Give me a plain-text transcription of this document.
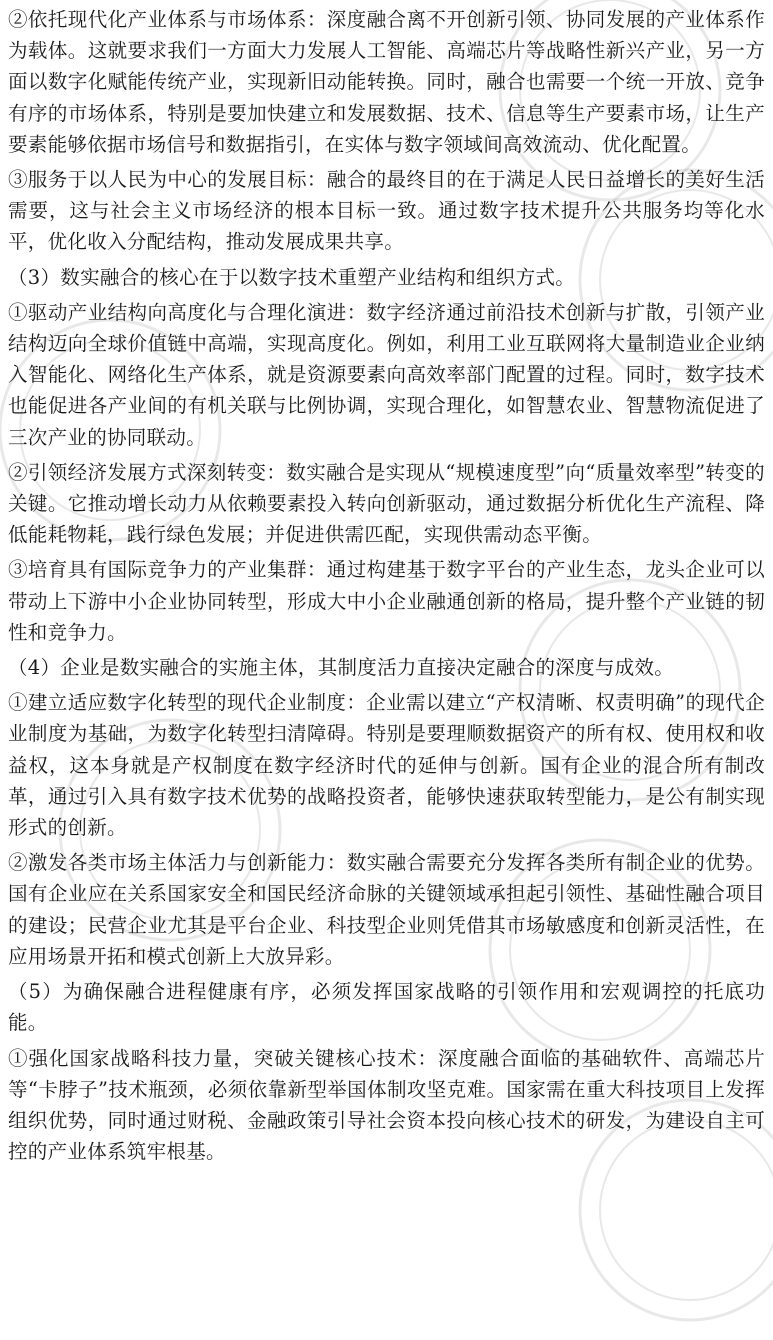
②依托现代化产业体系与市场体系：深度融合离不开创新引领、协同发展的产业体系作为载体。这就要求我们一方面大力发展人工智能、高端芯片等战略性新兴产业，另一方面以数字化赋能传统产业，实现新旧动能转换。同时，融合也需要一个统一开放、竞争有序的市场体系，特别是要加快建立和发展数据、技术、信息等生产要素市场，让生产要素能够依据市场信号和数据指引，在实体与数字领域间高效流动、优化配置。

③服务于以人民为中心的发展目标：融合的最终目的在于满足人民日益增长的美好生活需要，这与社会主义市场经济的根本目标一致。通过数字技术提升公共服务均等化水平，优化收入分配结构，推动发展成果共享。

（3）数实融合的核心在于以数字技术重塑产业结构和组织方式。

①驱动产业结构向高度化与合理化演进：数字经济通过前沿技术创新与扩散，引领产业结构迈向全球价值链中高端，实现高度化。例如，利用工业互联网将大量制造业企业纳入智能化、网络化生产体系，就是资源要素向高效率部门配置的过程。同时，数字技术也能促进各产业间的有机关联与比例协调，实现合理化，如智慧农业、智慧物流促进了三次产业的协同联动。

②引领经济发展方式深刻转变：数实融合是实现从“规模速度型”向“质量效率型”转变的关键。它推动增长动力从依赖要素投入转向创新驱动，通过数据分析优化生产流程、降低能耗物耗，践行绿色发展；并促进供需匹配，实现供需动态平衡。

③培育具有国际竞争力的产业集群：通过构建基于数字平台的产业生态，龙头企业可以带动上下游中小企业协同转型，形成大中小企业融通创新的格局，提升整个产业链的韧性和竞争力。

（4）企业是数实融合的实施主体，其制度活力直接决定融合的深度与成效。

①建立适应数字化转型的现代企业制度：企业需以建立“产权清晰、权责明确”的现代企业制度为基础，为数字化转型扫清障碍。特别是要理顺数据资产的所有权、使用权和收益权，这本身就是产权制度在数字经济时代的延伸与创新。国有企业的混合所有制改革，通过引入具有数字技术优势的战略投资者，能够快速获取转型能力，是公有制实现形式的创新。

②激发各类市场主体活力与创新能力：数实融合需要充分发挥各类所有制企业的优势。国有企业应在关系国家安全和国民经济命脉的关键领域承担起引领性、基础性融合项目的建设；民营企业尤其是平台企业、科技型企业则凭借其市场敏感度和创新灵活性，在应用场景开拓和模式创新上大放异彩。

（5）为确保融合进程健康有序，必须发挥国家战略的引领作用和宏观调控的托底功能。

①强化国家战略科技力量，突破关键核心技术：深度融合面临的基础软件、高端芯片等“卡脖子”技术瓶颈，必须依靠新型举国体制攻坚克难。国家需在重大科技项目上发挥组织优势，同时通过财税、金融政策引导社会资本投向核心技术的研发，为建设自主可控的产业体系筑牢根基。
